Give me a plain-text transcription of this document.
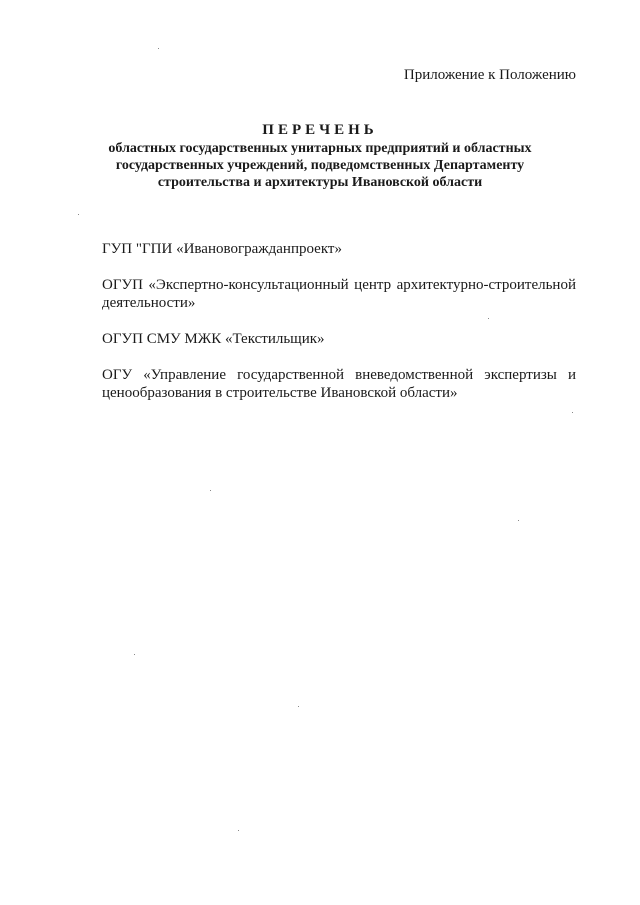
Приложение к Положению
ПЕРЕЧЕНЬ
областных государственных унитарных предприятий и областных
государственных учреждений, подведомственных Департаменту
строительства и архитектуры Ивановской области
ГУП "ГПИ «Ивановогражданпроект»
ОГУП «Экспертно-консультационный центр архитектурно-строительной деятельности»
ОГУП СМУ МЖК «Текстильщик»
ОГУ «Управление государственной вневедомственной экспертизы и ценообразования в строительстве Ивановской области»
